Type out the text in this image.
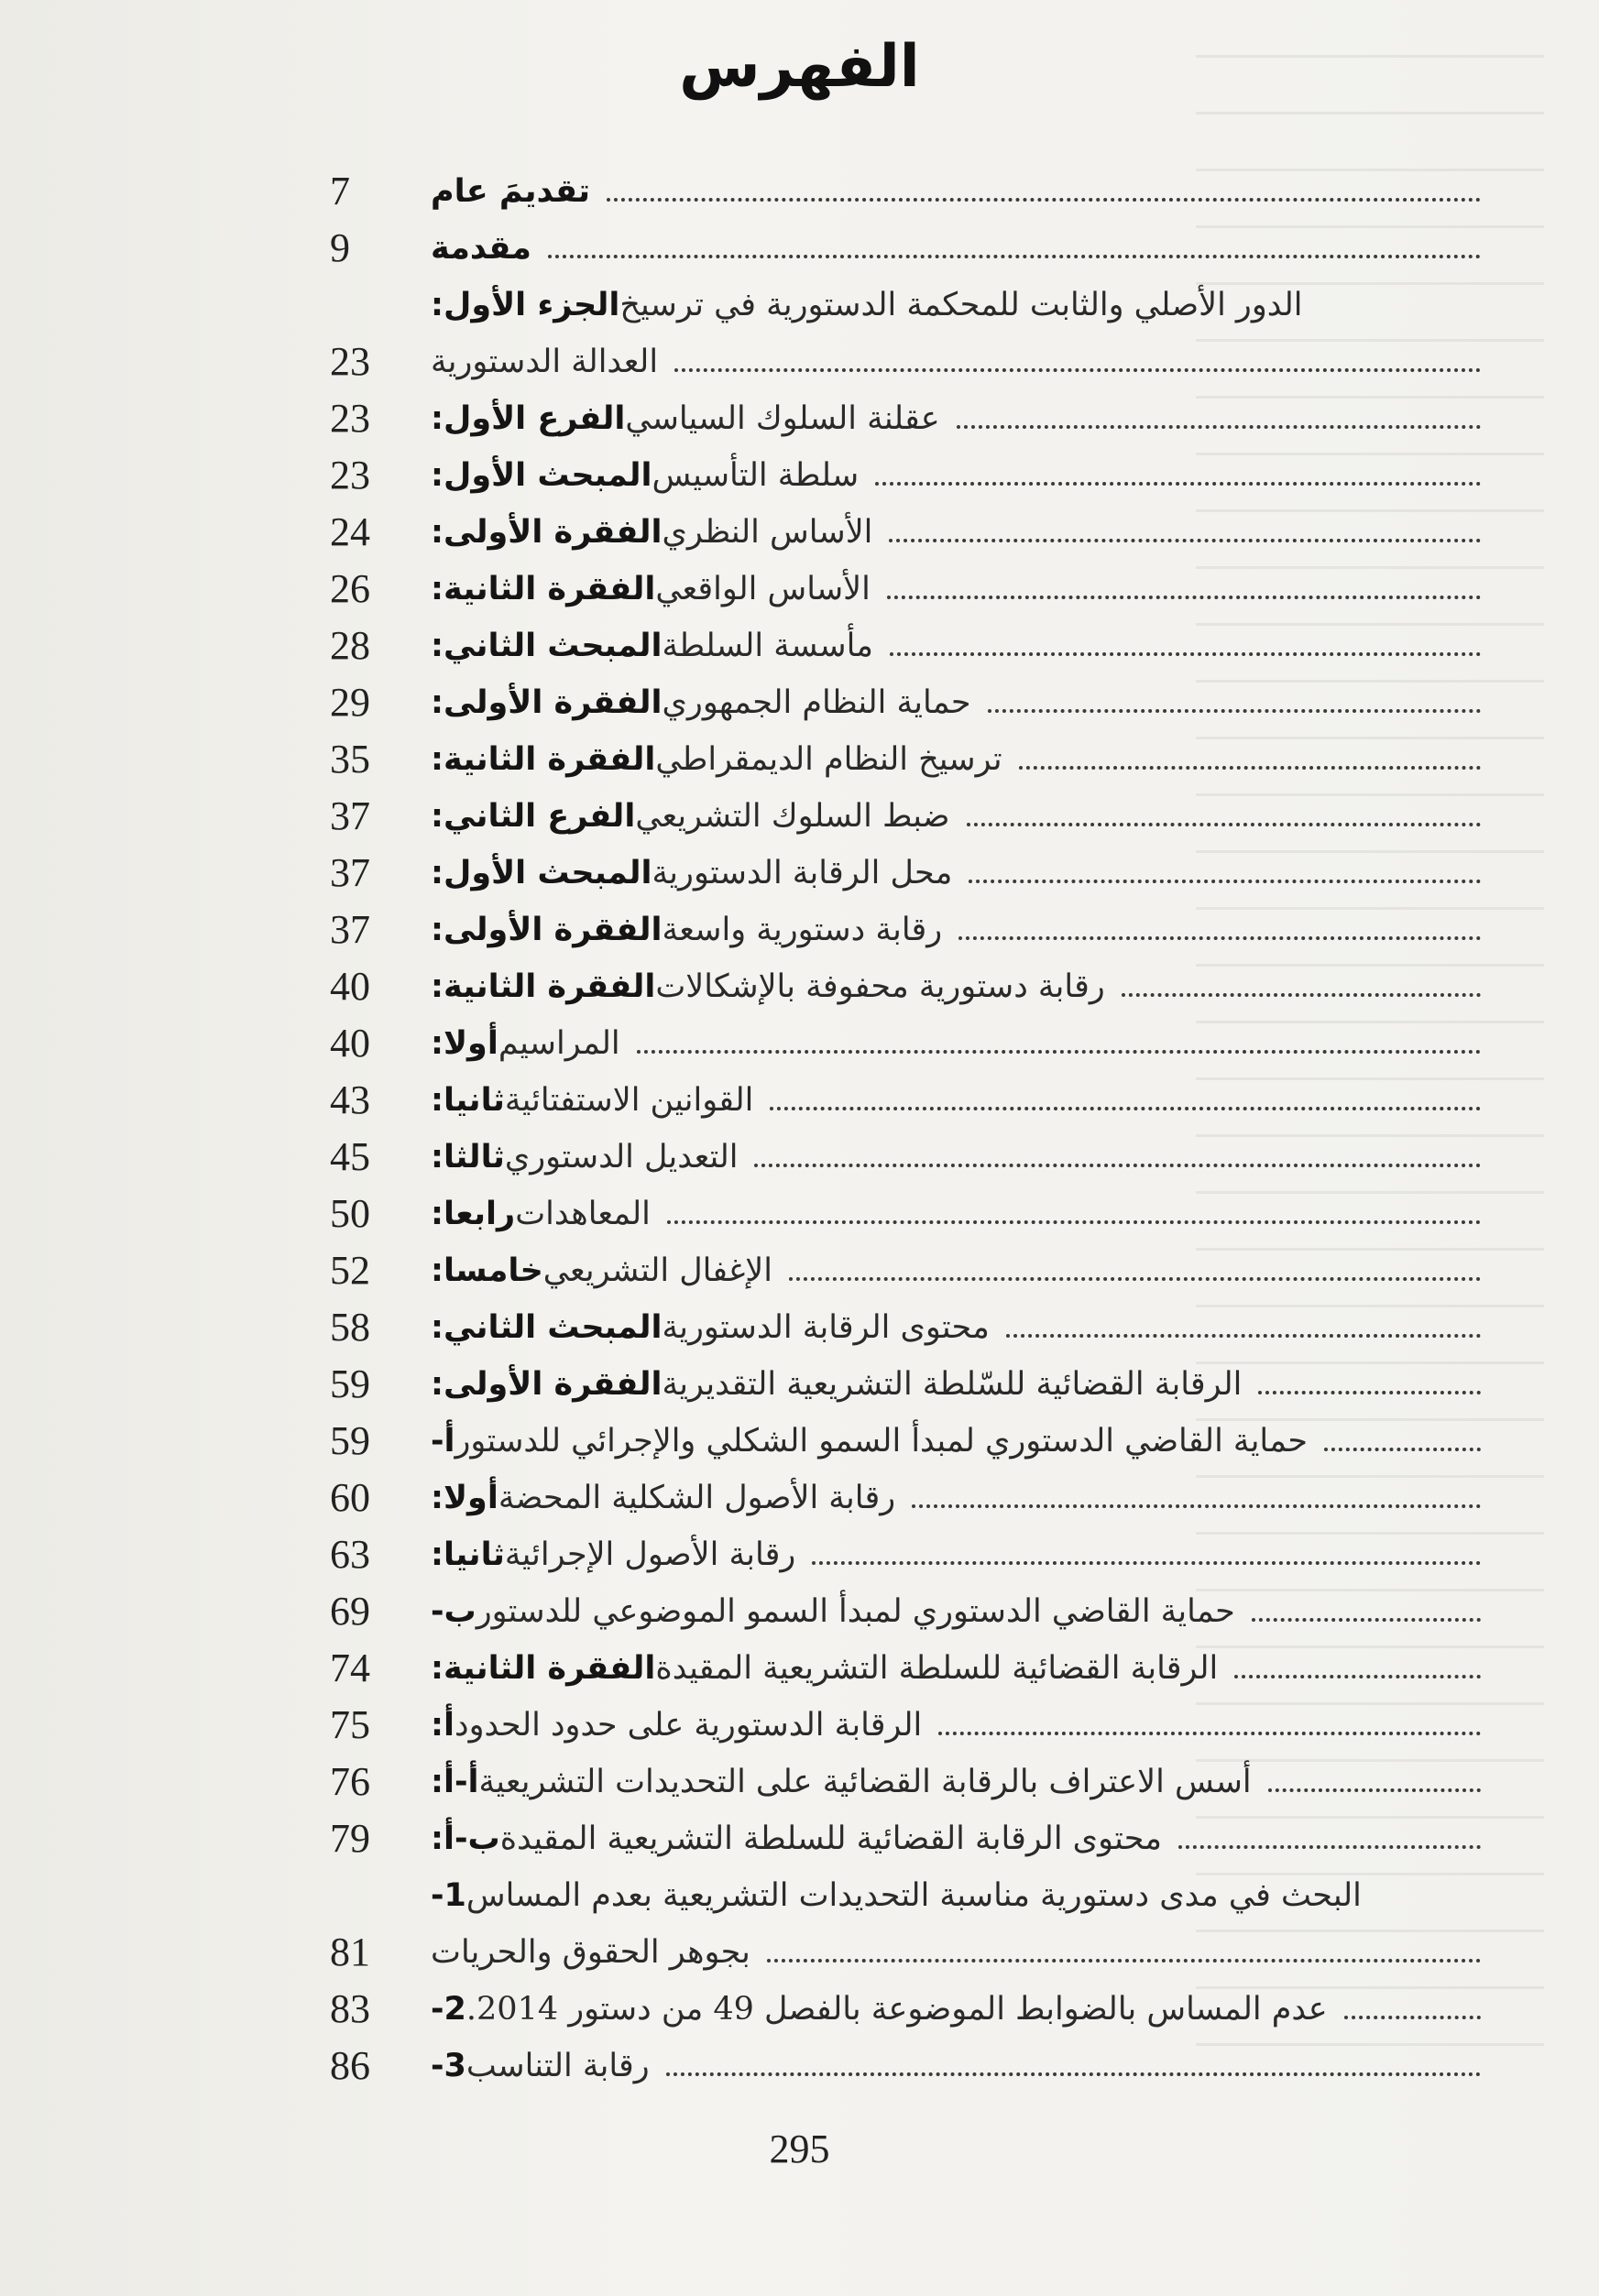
الفهرس
7	تقديمَ عام
9	مقدمة
الجزء الأول: الدور الأصلي والثابت للمحكمة الدستورية في ترسيخ
23	العدالة الدستورية
23	الفرع الأول: عقلنة السلوك السياسي
23	المبحث الأول: سلطة التأسيس
24	الفقرة الأولى: الأساس النظري
26	الفقرة الثانية: الأساس الواقعي
28	المبحث الثاني: مأسسة السلطة
29	الفقرة الأولى: حماية النظام الجمهوري
35	الفقرة الثانية: ترسيخ النظام الديمقراطي
37	الفرع الثاني: ضبط السلوك التشريعي
37	المبحث الأول: محل الرقابة الدستورية
37	الفقرة الأولى: رقابة دستورية واسعة
40	الفقرة الثانية: رقابة دستورية محفوفة بالإشكالات
40	أولا: المراسيم
43	ثانيا: القوانين الاستفتائية
45	ثالثا: التعديل الدستوري
50	رابعا: المعاهدات
52	خامسا: الإغفال التشريعي
58	المبحث الثاني: محتوى الرقابة الدستورية
59	الفقرة الأولى: الرقابة القضائية للسّلطة التشريعية التقديرية
59	أ- حماية القاضي الدستوري لمبدأ السمو الشكلي والإجرائي للدستور
60	أولا: رقابة الأصول الشكلية المحضة
63	ثانيا: رقابة الأصول الإجرائية
69	ب- حماية القاضي الدستوري لمبدأ السمو الموضوعي للدستور
74	الفقرة الثانية: الرقابة القضائية للسلطة التشريعية المقيدة
75	أ: الرقابة الدستورية على حدود الحدود
76	أ-أ: أسس الاعتراف بالرقابة القضائية على التحديدات التشريعية
79	ب-أ: محتوى الرقابة القضائية للسلطة التشريعية المقيدة
1- البحث في مدى دستورية مناسبة التحديدات التشريعية بعدم المساس
81	بجوهر الحقوق والحريات
83	2- عدم المساس بالضوابط الموضوعة بالفصل 49 من دستور 2014.
86	3- رقابة التناسب
295
